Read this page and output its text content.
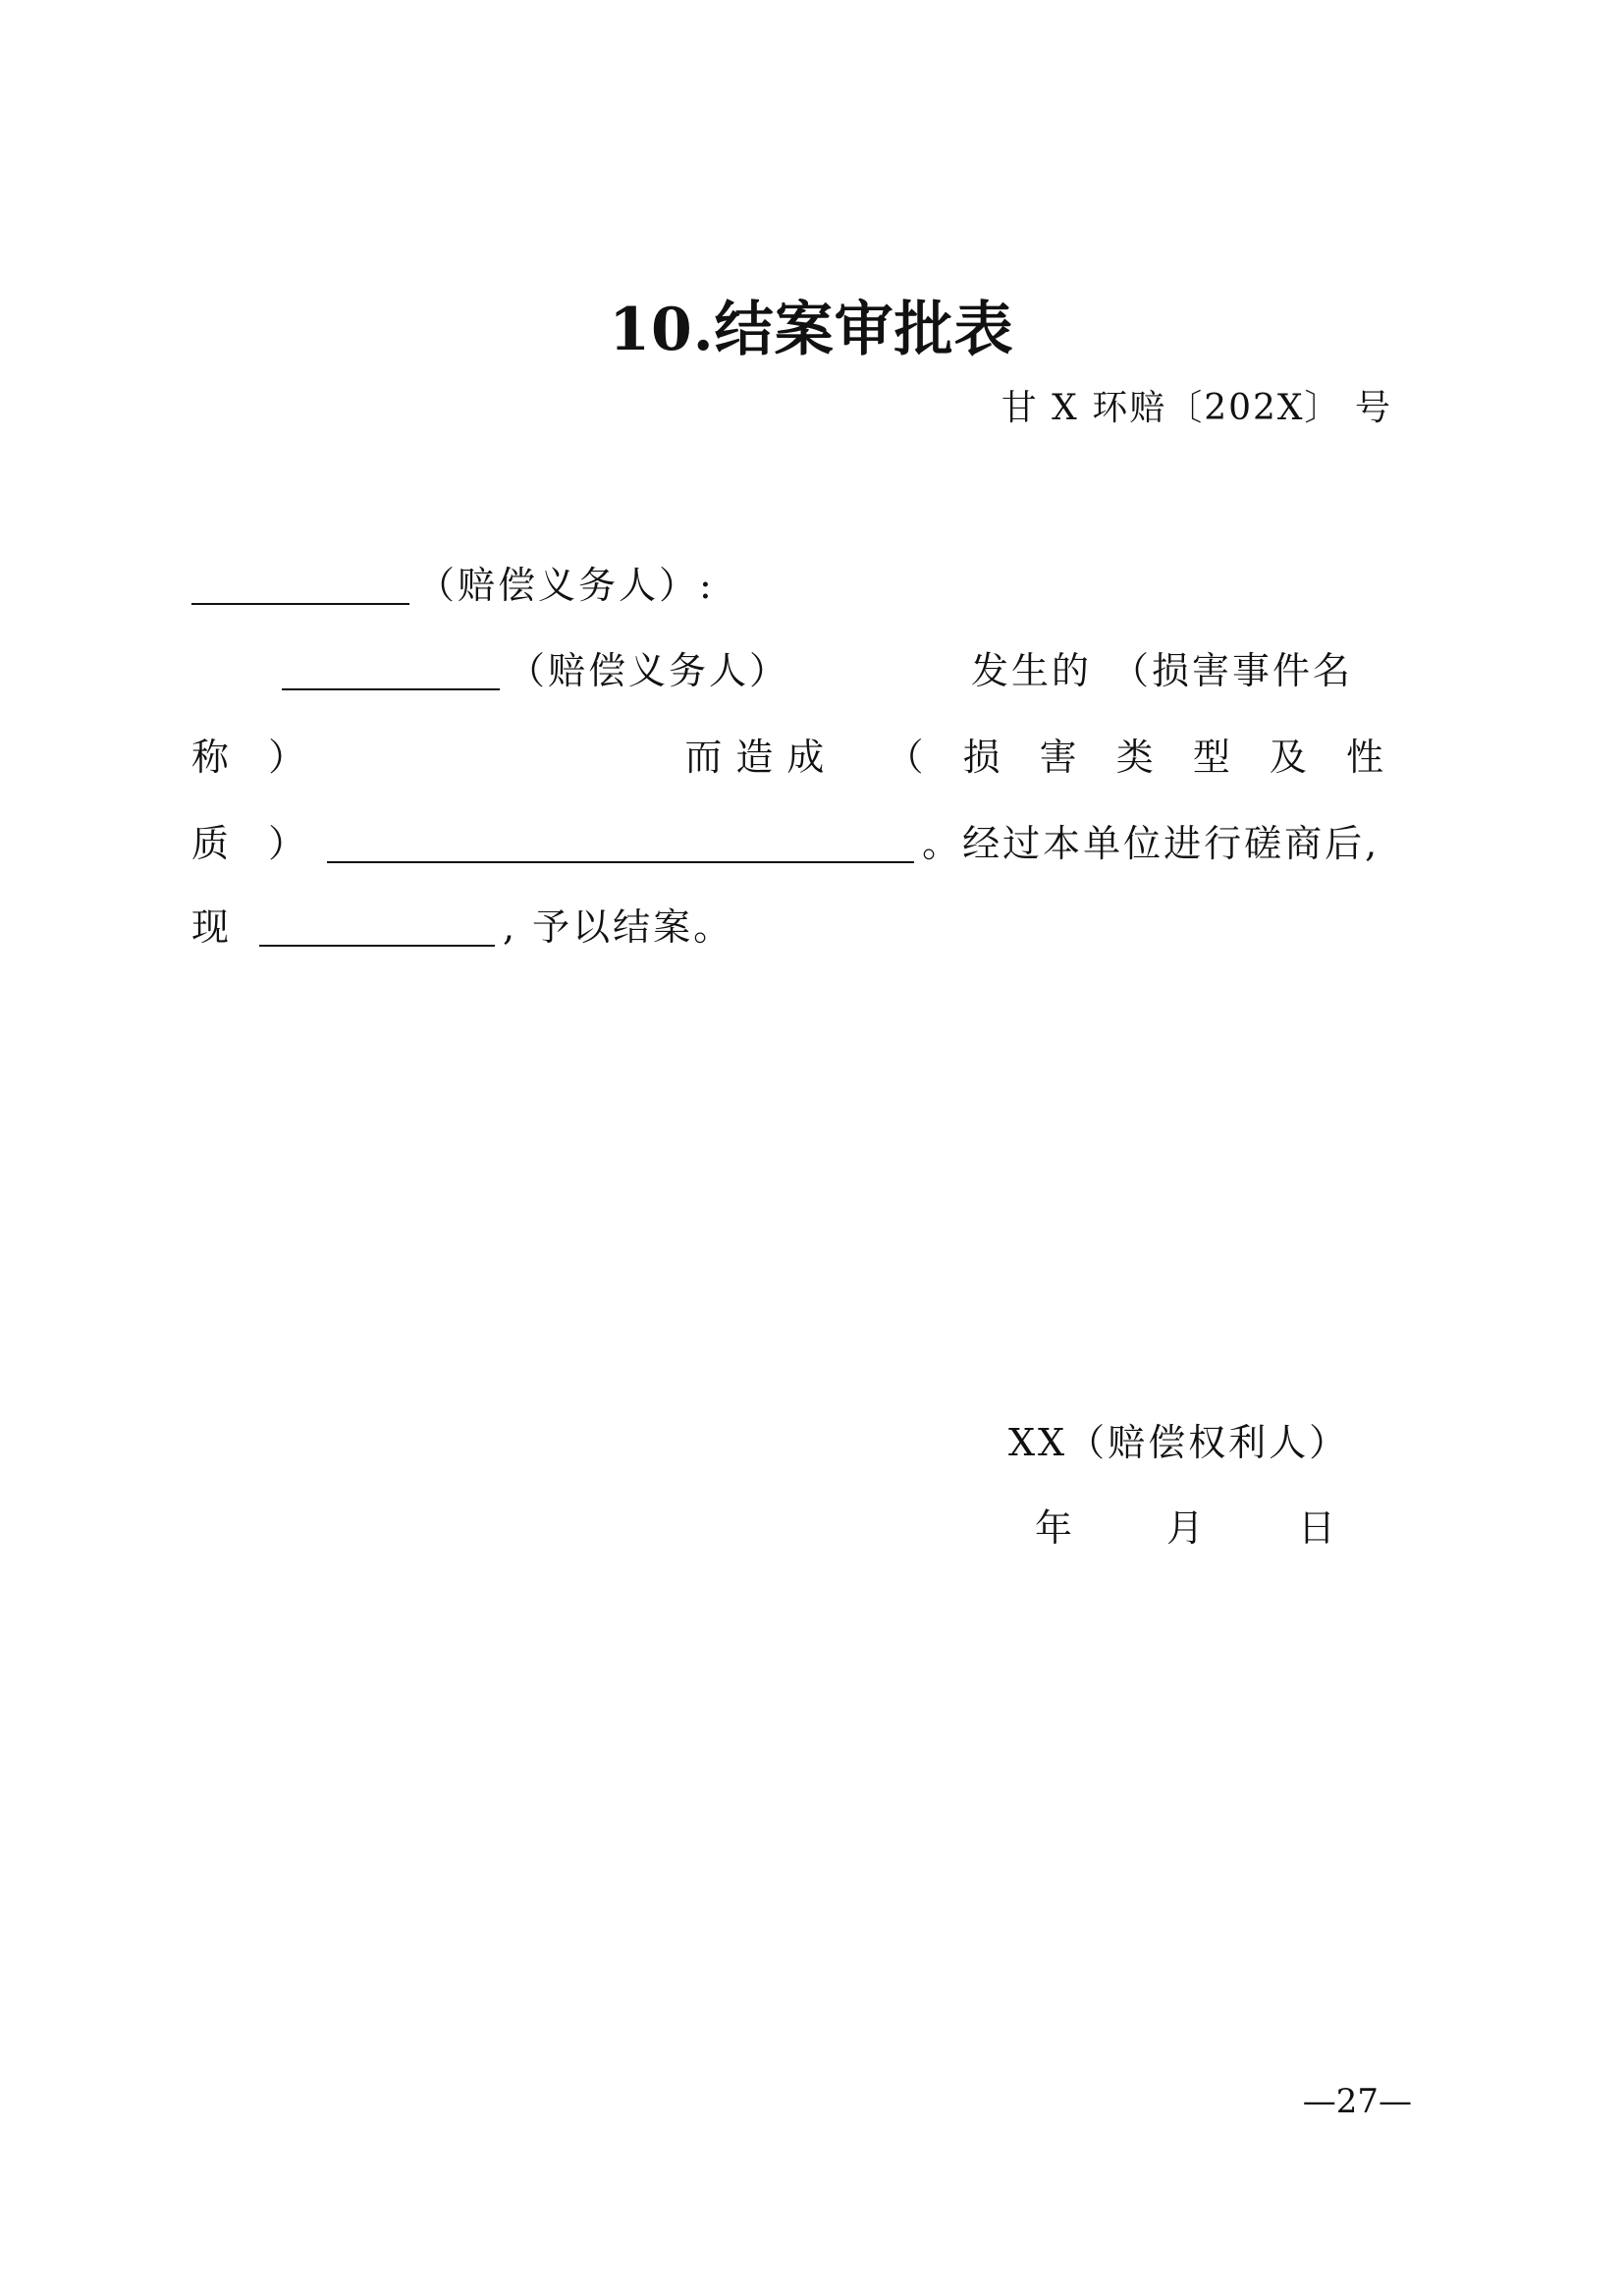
10.结案审批表
甘 X 环赔〔202X〕 号
（赔偿义务人）:
（赔偿义务人）	发生的 （损害事件名
称 ）	而造成 （ 损 害 类 型 及 性
质 ）	。经过本单位进行磋商后,
现	, 予以结案。
XX（赔偿权利人）
年	月	日
—27—
